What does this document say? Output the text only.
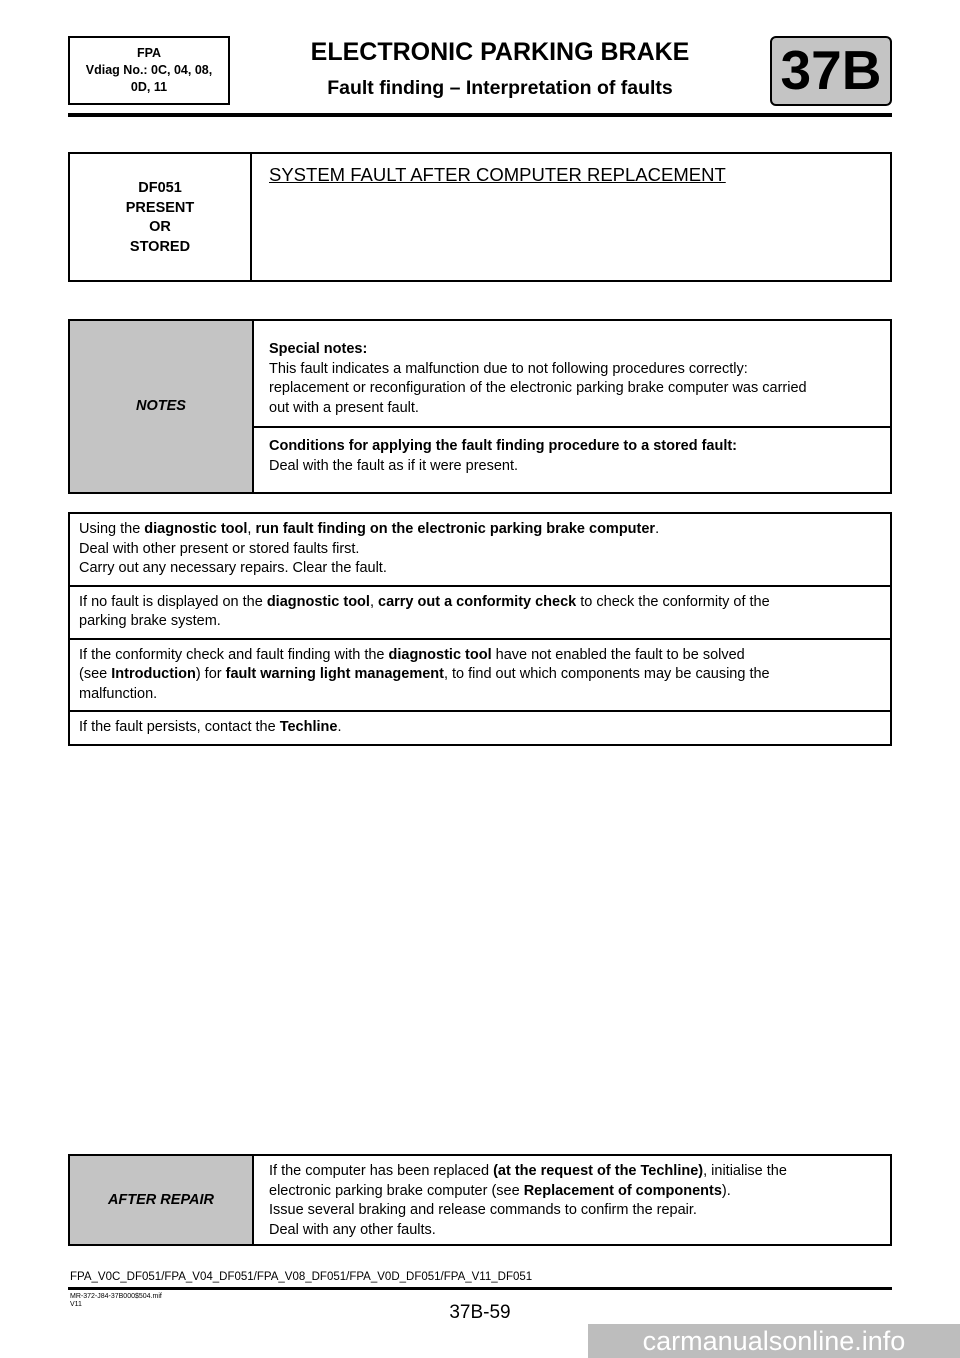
FPA
Vdiag No.: 0C, 04, 08,
0D, 11
ELECTRONIC PARKING BRAKE
Fault finding – Interpretation of faults	37B
DF051
PRESENT
OR
STORED
SYSTEM FAULT AFTER COMPUTER REPLACEMENT
NOTES
Special notes:
This fault indicates a malfunction due to not following procedures correctly:
replacement or reconfiguration of the electronic parking brake computer was carried
out with a present fault.
Conditions for applying the fault finding procedure to a stored fault:
Deal with the fault as if it were present.
Using the diagnostic tool, run fault finding on the electronic parking brake computer.
Deal with other present or stored faults first.
Carry out any necessary repairs. Clear the fault.
If no fault is displayed on the diagnostic tool, carry out a conformity check to check the conformity of the
parking brake system.
If the conformity check and fault finding with the diagnostic tool have not enabled the fault to be solved
(see Introduction) for fault warning light management, to find out which components may be causing the
malfunction.
If the fault persists, contact the Techline.
AFTER REPAIR
If the computer has been replaced (at the request of the Techline), initialise the
electronic parking brake computer (see Replacement of components).
Issue several braking and release commands to confirm the repair.
Deal with any other faults.
FPA_V0C_DF051/FPA_V04_DF051/FPA_V08_DF051/FPA_V0D_DF051/FPA_V11_DF051
MR-372-J84-37B000$504.mif
V11	37B-59
carmanualsonline.info
